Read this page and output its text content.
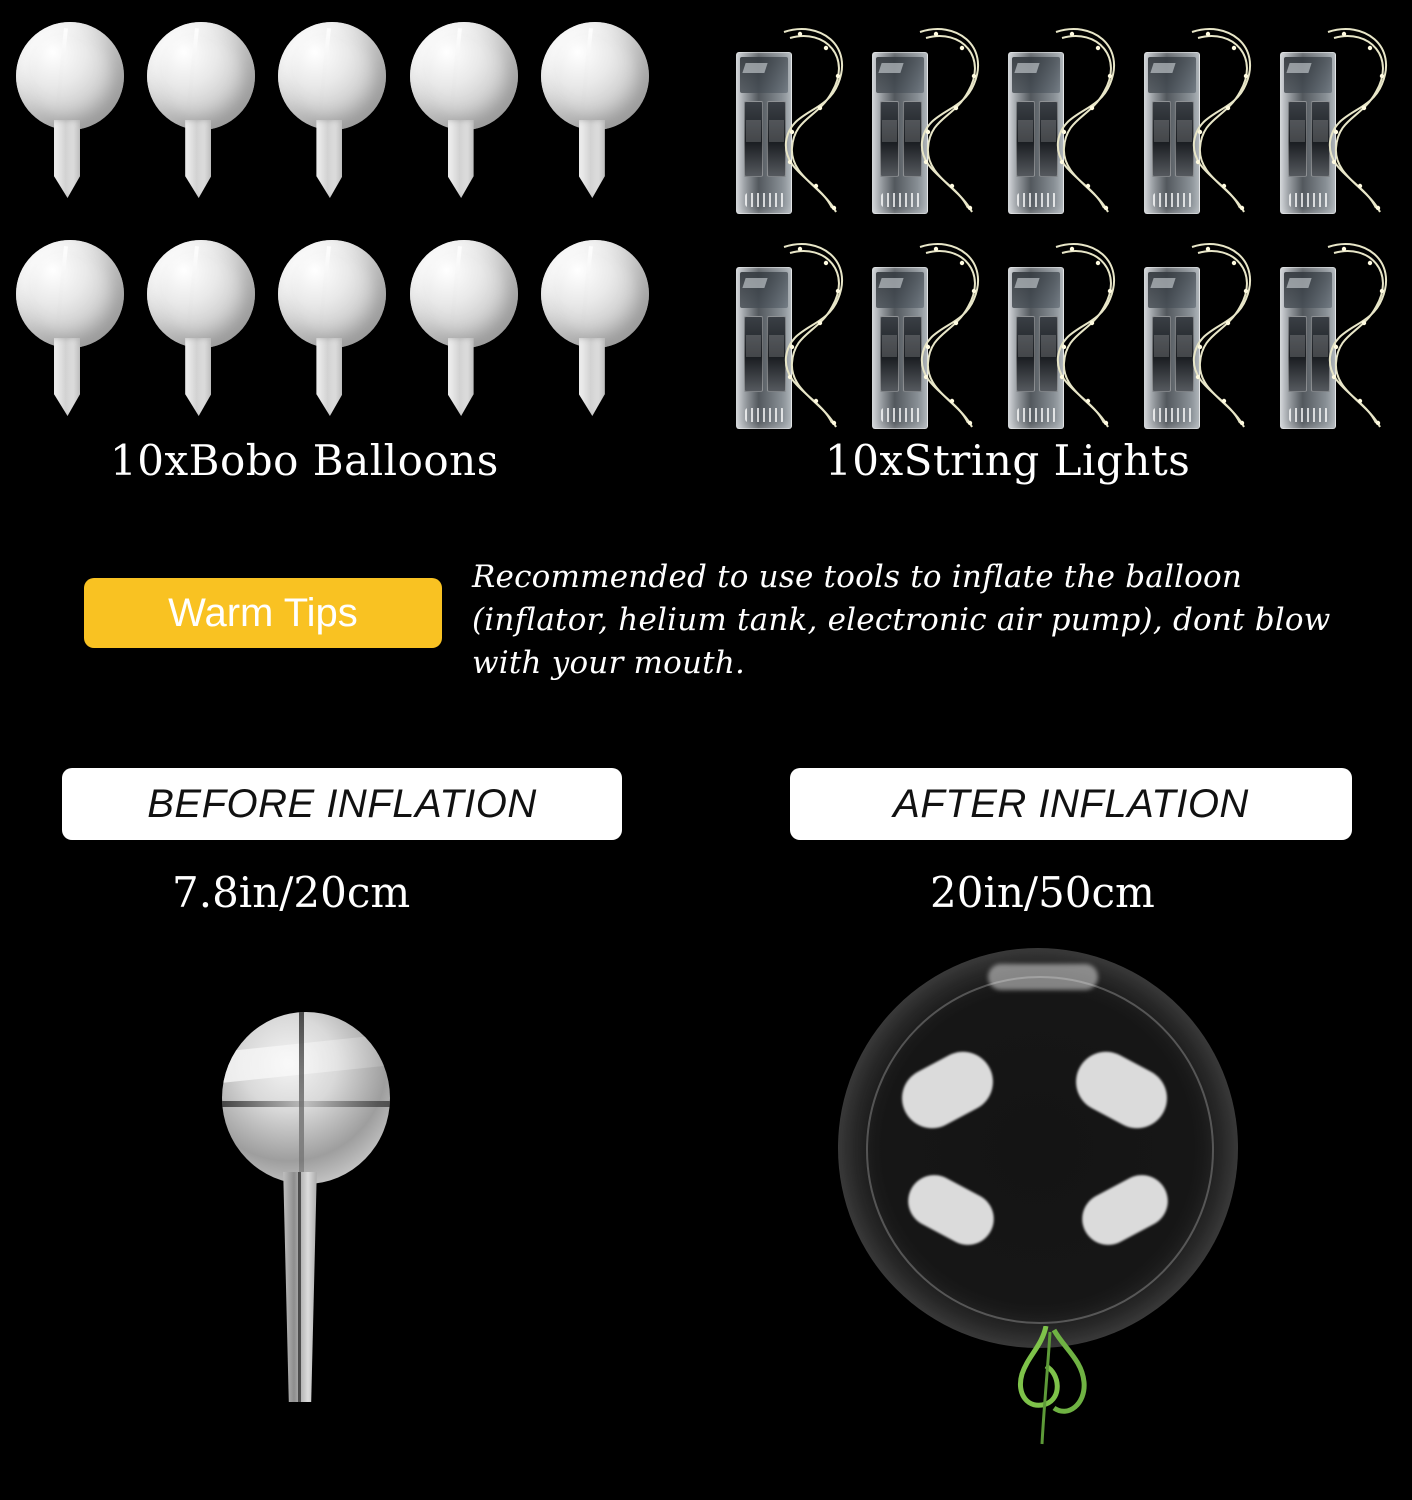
10xBobo Balloons	10xString Lights
Warm Tips
Recommended to use tools to inflate the balloon (inflator, helium tank, electronic air pump), dont blow with your mouth.
BEFORE INFLATION	AFTER INFLATION
7.8in/20cm	20in/50cm
